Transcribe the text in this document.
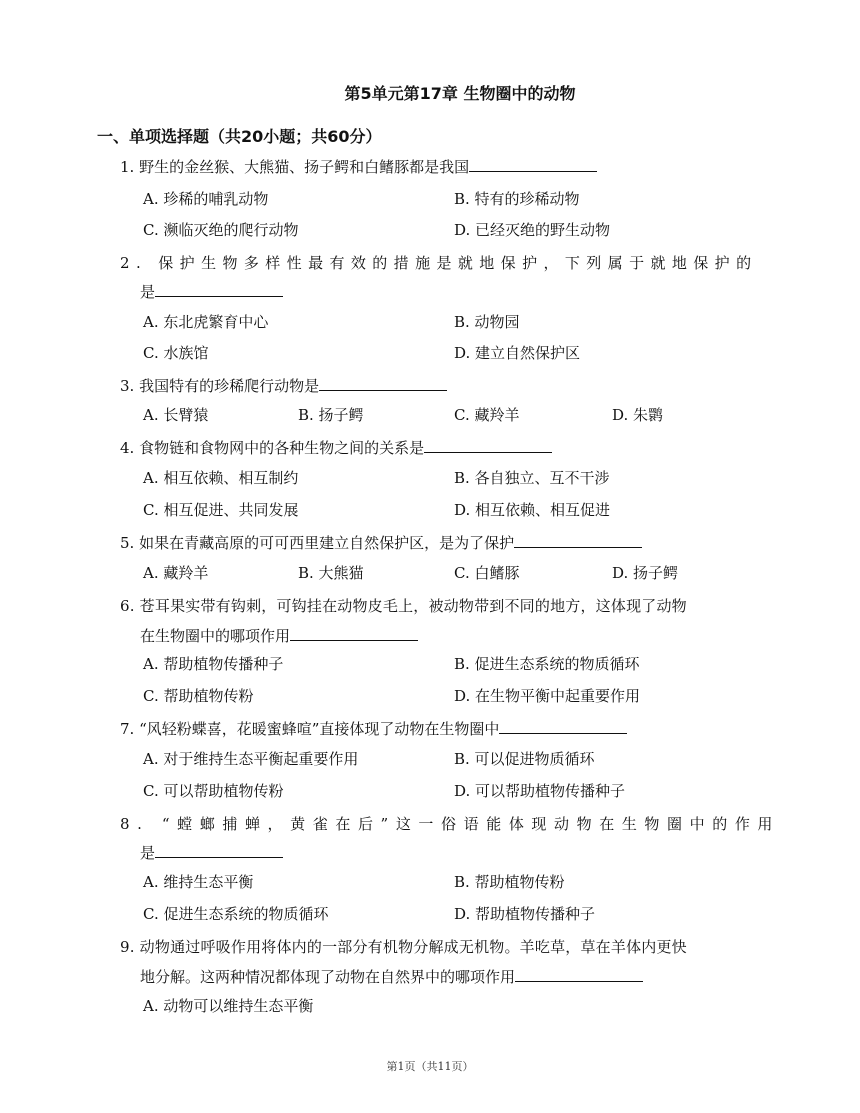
第5单元第17章 生物圈中的动物
一、单项选择题（共20小题；共60分）
1. 野生的金丝猴、大熊猫、扬子鳄和白鳍豚都是我国
A. 珍稀的哺乳动物	B. 特有的珍稀动物
C. 濒临灭绝的爬行动物	D. 已经灭绝的野生动物
2. 保护生物多样性最有效的措施是就地保护，下列属于就地保护的
是
A. 东北虎繁育中心	B. 动物园
C. 水族馆	D. 建立自然保护区
3. 我国特有的珍稀爬行动物是
A. 长臂猿	B. 扬子鳄	C. 藏羚羊	D. 朱鹮
4. 食物链和食物网中的各种生物之间的关系是
A. 相互依赖、相互制约	B. 各自独立、互不干涉
C. 相互促进、共同发展	D. 相互依赖、相互促进
5. 如果在青藏高原的可可西里建立自然保护区，是为了保护
A. 藏羚羊	B. 大熊猫	C. 白鳍豚	D. 扬子鳄
6. 苍耳果实带有钩刺，可钩挂在动物皮毛上，被动物带到不同的地方，这体现了动物
在生物圈中的哪项作用
A. 帮助植物传播种子	B. 促进生态系统的物质循环
C. 帮助植物传粉	D. 在生物平衡中起重要作用
7. “风轻粉蝶喜，花暖蜜蜂喧”直接体现了动物在生物圈中
A. 对于维持生态平衡起重要作用	B. 可以促进物质循环
C. 可以帮助植物传粉	D. 可以帮助植物传播种子
8. “螳螂捕蝉，黄雀在后”这一俗语能体现动物在生物圈中的作用
是
A. 维持生态平衡	B. 帮助植物传粉
C. 促进生态系统的物质循环	D. 帮助植物传播种子
9. 动物通过呼吸作用将体内的一部分有机物分解成无机物。羊吃草，草在羊体内更快
地分解。这两种情况都体现了动物在自然界中的哪项作用
A. 动物可以维持生态平衡
第1页（共11页）
